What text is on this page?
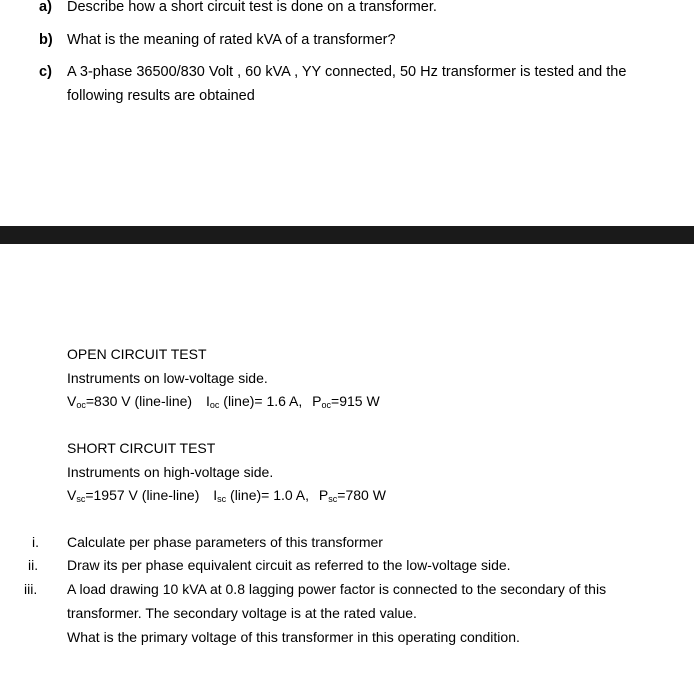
a) Describe how a short circuit test is done on a transformer.
b) What is the meaning of rated kVA of a transformer?
c) A 3-phase 36500/830 Volt , 60 kVA , YY connected, 50 Hz transformer is tested and the
following results are obtained
OPEN CIRCUIT TEST
Instruments on low-voltage side.
$V_{oc}=830$ V (line-line) $I_{oc}$ (line)= 1.6 A, $P_{oc}=915$ W
SHORT CIRCUIT TEST
Instruments on high-voltage side.
$V_{sc}=1957$ V (line-line) $I_{sc}$ (line)= 1.0 A, $P_{sc}=780$ W
i. Calculate per phase parameters of this transformer
ii. Draw its per phase equivalent circuit as referred to the low-voltage side.
iii. A load drawing 10 kVA at 0.8 lagging power factor is connected to the secondary of this
transformer. The secondary voltage is at the rated value.
What is the primary voltage of this transformer in this operating condition.
